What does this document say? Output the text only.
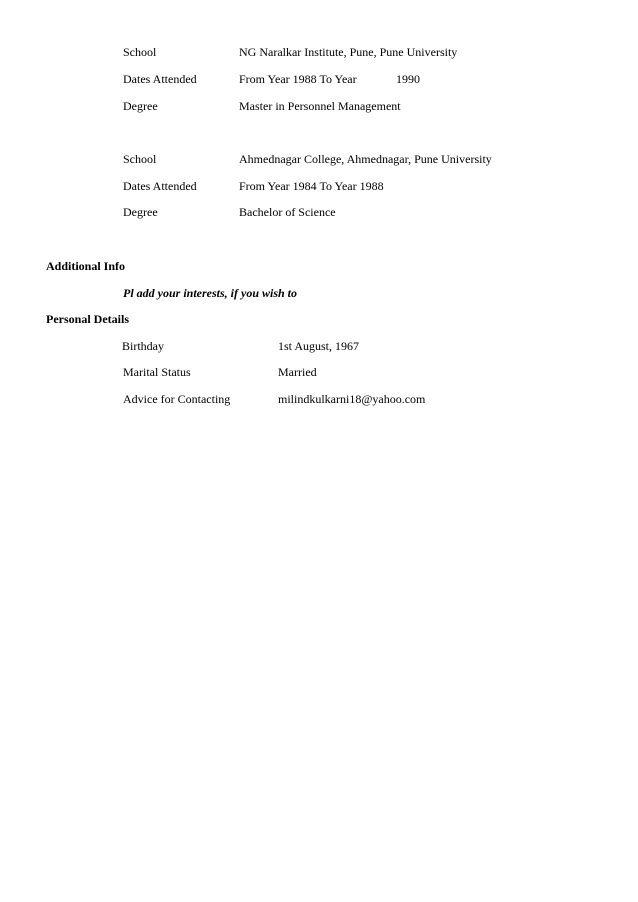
School	NG Naralkar Institute, Pune, Pune University
Dates Attended	From Year 1988 To Year	1990
Degree	Master in Personnel Management
School	Ahmednagar College, Ahmednagar, Pune University
Dates Attended	From Year 1984 To Year 1988
Degree	Bachelor of Science
Additional Info
Pl add your interests, if you wish to
Personal Details
Birthday	1st August, 1967
Marital Status	Married
Advice for Contacting	milindkulkarni18@yahoo.com
